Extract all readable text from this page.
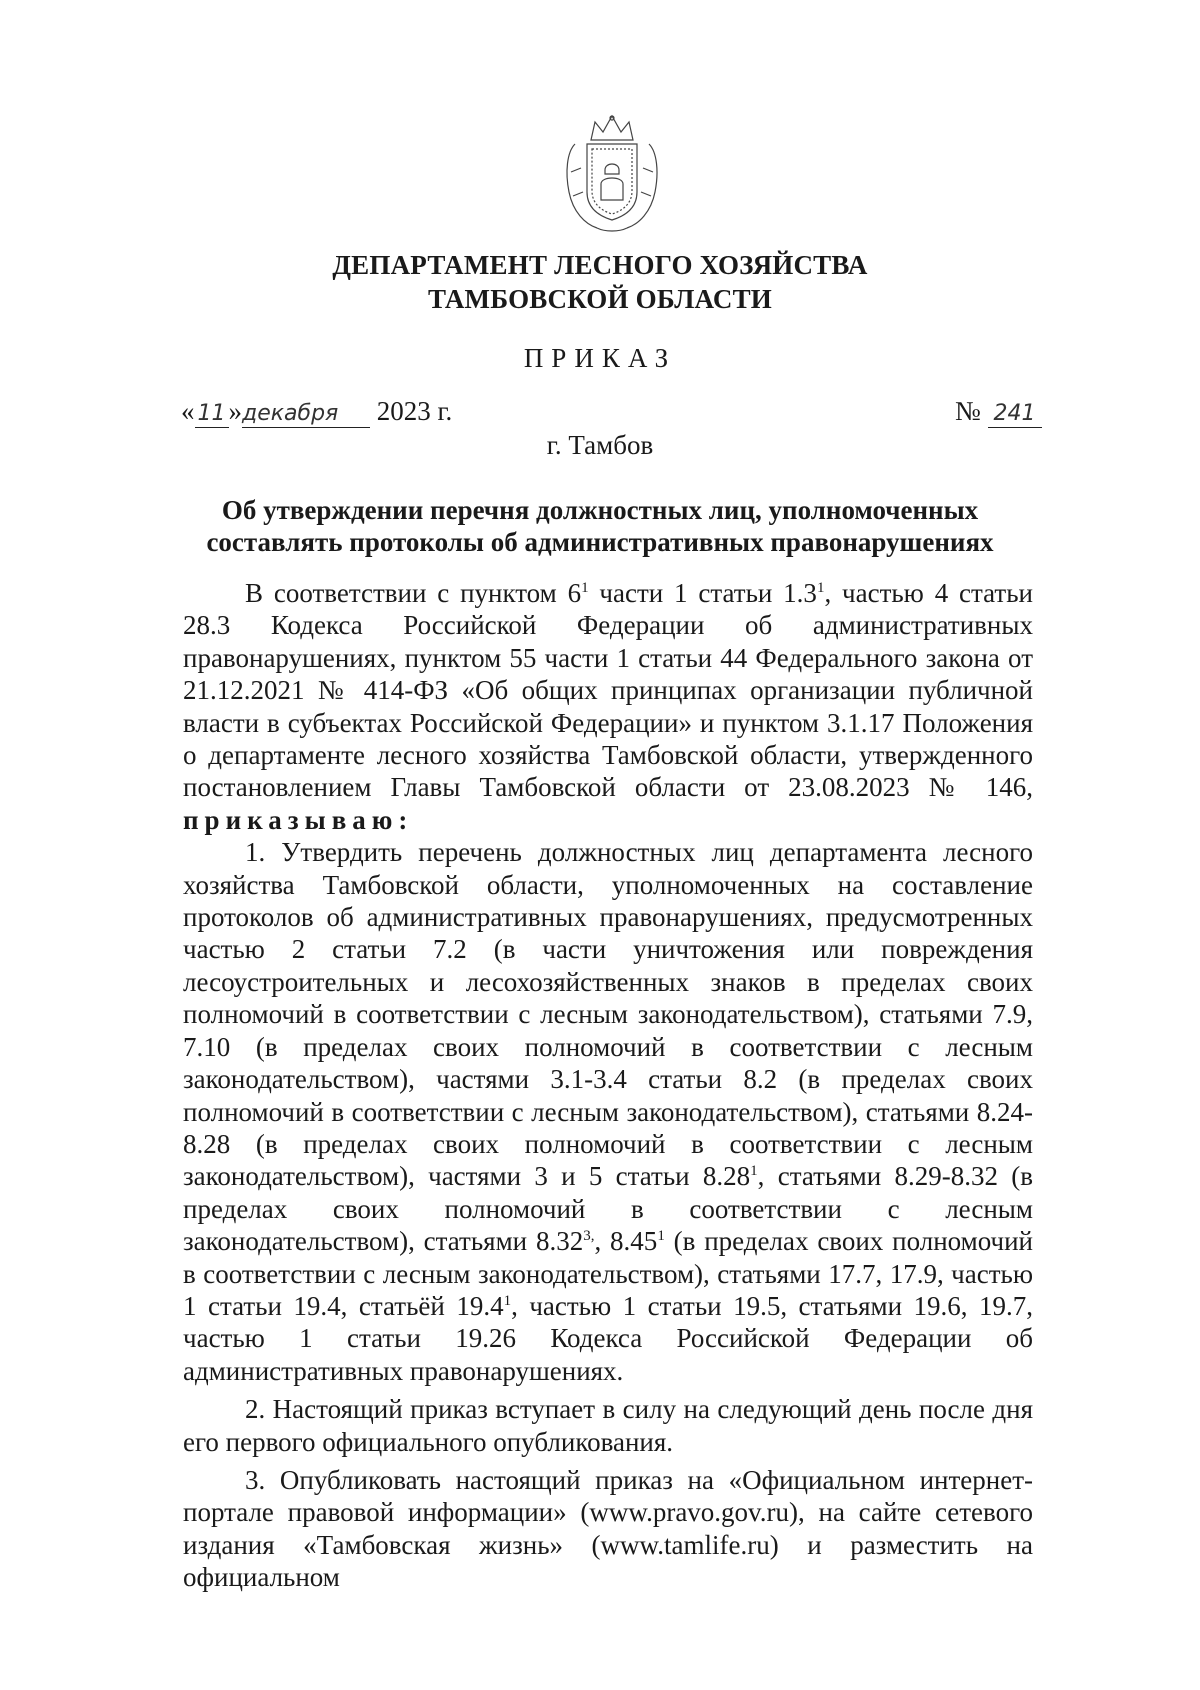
ДЕПАРТАМЕНТ ЛЕСНОГО ХОЗЯЙСТВА
ТАМБОВСКОЙ ОБЛАСТИ
ПРИКАЗ
« 11 »декабря 2023 г.	№ 241
г. Тамбов
Об утверждении перечня должностных лиц, уполномоченных
составлять протоколы об административных правонарушениях

В соответствии с пунктом $6^1$ части 1 статьи $1.3^1$, частью 4 статьи 28.3 Кодекса Российской Федерации об административных правонарушениях, пунктом 55 части 1 статьи 44 Федерального закона от 21.12.2021 № 414-ФЗ «Об общих принципах организации публичной власти в субъектах Российской Федерации» и пунктом 3.1.17 Положения о департаменте лесного хозяйства Тамбовской области, утвержденного постановлением Главы Тамбовской области от 23.08.2023 № 146, приказываю:

1. Утвердить перечень должностных лиц департамента лесного хозяйства Тамбовской области, уполномоченных на составление протоколов об административных правонарушениях, предусмотренных частью 2 статьи 7.2 (в части уничтожения или повреждения лесоустроительных и лесохозяйственных знаков в пределах своих полномочий в соответствии с лесным законодательством), статьями 7.9, 7.10 (в пределах своих полномочий в соответствии с лесным законодательством), частями 3.1-3.4 статьи 8.2 (в пределах своих полномочий в соответствии с лесным законодательством), статьями 8.24-8.28 (в пределах своих полномочий в соответствии с лесным законодательством), частями 3 и 5 статьи 8.28$^1$, статьями 8.29-8.32 (в пределах своих полномочий в соответствии с лесным законодательством), статьями $8.32^{3,}$, 8.45$^1$ (в пределах своих полномочий в соответствии с лесным законодательством), статьями 17.7, 17.9, частью 1 статьи 19.4, статьёй 19.4$^1$, частью 1 статьи 19.5, статьями 19.6, 19.7, частью 1 статьи 19.26 Кодекса Российской Федерации об административных правонарушениях.

2. Настоящий приказ вступает в силу на следующий день после дня его первого официального опубликования.

3. Опубликовать настоящий приказ на «Официальном интернет-портале правовой информации» (www.pravo.gov.ru), на сайте сетевого издания «Тамбовская жизнь» (www.tamlife.ru) и разместить на официальном
